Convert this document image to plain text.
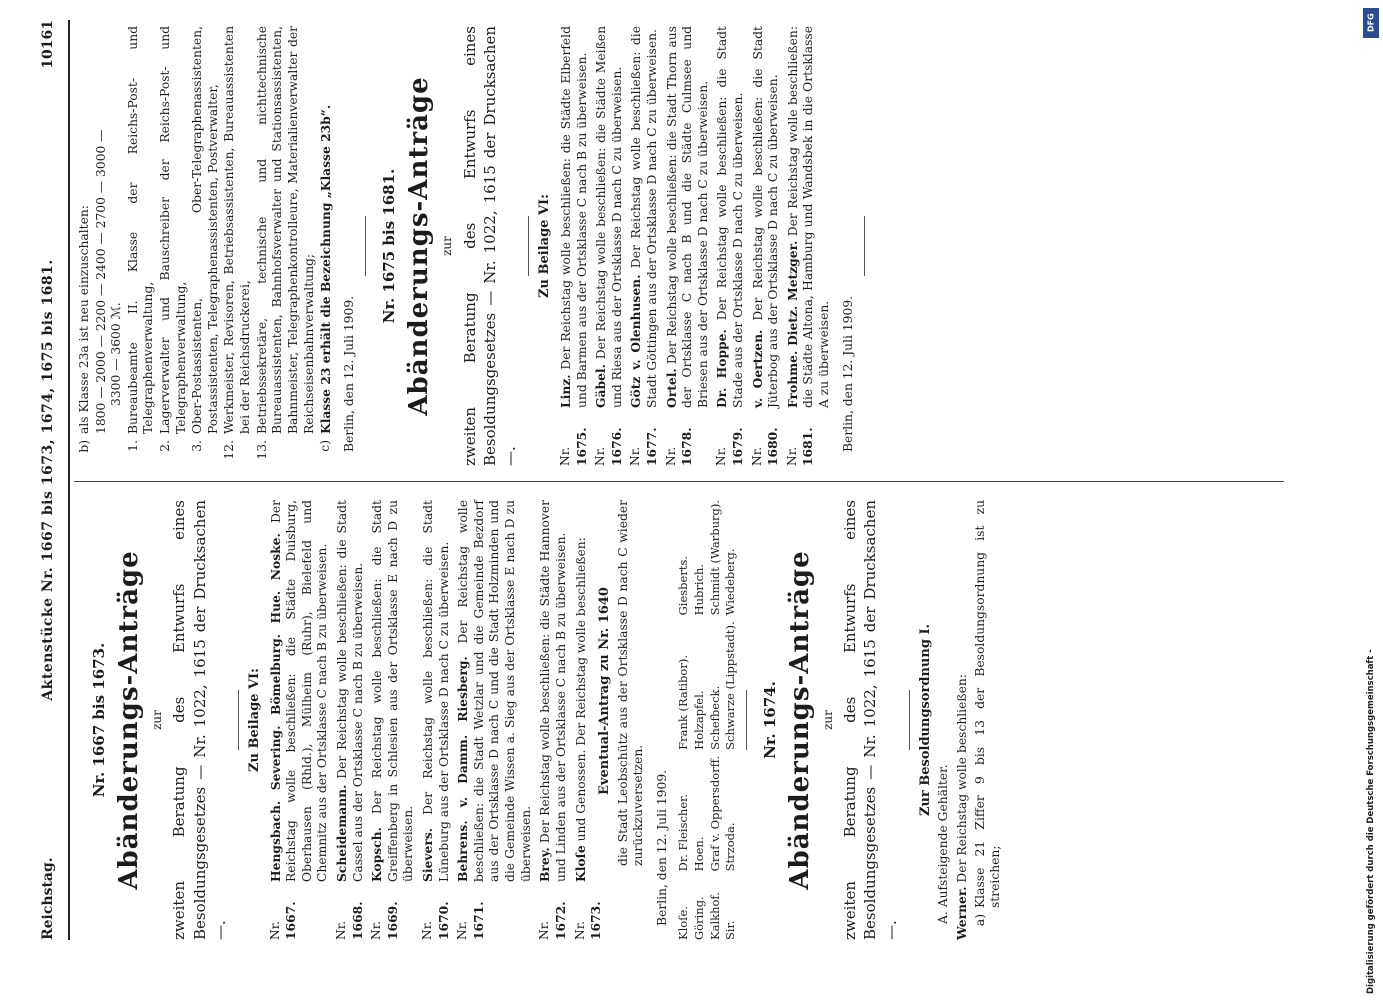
Reichstag.
Aktenstücke Nr. 1667 bis 1673, 1674, 1675 bis 1681.
10161
Nr. 1667 bis 1673. Abänderungs-Anträge zur zweiten Beratung des Entwurfs eines Besoldungsgesetzes — Nr. 1022, 1615 der Drucksachen —.
Zu Beilage VI:
Nr. 1667.
Hengsbach. Severing. Bömelburg. Hue. Noske. Der Reichstag wolle beschließen: die Städte Duisburg, Oberhausen (Rhld.), Mülheim (Ruhr), Bielefeld und Chemnitz aus der Ortsklasse C nach B zu überweisen.
Nr. 1668.
Scheidemann. Der Reichstag wolle beschließen: die Stadt Cassel aus der Ortsklasse C nach B zu überweisen.
Nr. 1669.
Kopsch. Der Reichstag wolle beschließen: die Stadt Greiffenberg in Schlesien aus der Ortsklasse E nach D zu überweisen.
Nr. 1670.
Sievers. Der Reichstag wolle beschließen: die Stadt Lüneburg aus der Ortsklasse D nach C zu überweisen.
Nr. 1671.
Behrens. v. Damm. Riesberg. Der Reichstag wolle beschließen: die Stadt Wetzlar und die Gemeinde Bezdorf aus der Ortsklasse D nach C und die Stadt Holzminden und die Gemeinde Wissen a. Sieg aus der Ortsklasse E nach D zu überweisen.
Nr. 1672.
Brey. Der Reichstag wolle beschließen: die Städte Hannover und Linden aus der Ortsklasse C nach B zu überweisen.
Nr. 1673.
Kloſe und Genossen. Der Reichstag wolle beschließen: Eventual-Antrag zu Nr. 1640 die Stadt Leobschütz aus der Ortsklasse D nach C wieder zurückzuversetzen. Berlin, den 12. Juli 1909. Kloſe.
Dr. Fleischer.
Frank (Ratibor).
Giesberts.
Göring.
Hoen.
Holzapfel.
Hubrich.
Kalkhof.
Graf v. Oppersdorff.
Schefbeck.
Schmidt (Warburg).
Sir.
Strzoda.
Schwarze (Lippstadt).
Wiedeberg.
Nr. 1674. Abänderungs-Anträge zur zweiten Beratung des Entwurfs eines Besoldungsgesetzes — Nr. 1022, 1615 der Drucksachen —.
Zur Besoldungsordnung I.
A. Aufsteigende Gehälter. Werner. Der Reichstag wolle beschließen:
a)
Klasse 21 Ziffer 9 bis 13 der Besoldungsordnung ist zu streichen;
b)
als Klasse 23a ist neu einzuschalten: 1800 — 2000 — 2200 — 2400 — 2700 — 3000 — 3300 — 3600 ℳ.
1.
Bureaubeamte II. Klasse der Reichs-Post- und Telegraphenverwaltung,
2.
Lagerverwalter und Bauschreiber der Reichs-Post- und Telegraphenverwaltung,
3.
Ober-Postassistenten, Ober-Telegraphenassistenten, Postassistenten, Telegraphenassistenten, Postverwalter,
12.
Werkmeister, Revisoren, Betriebsassistenten, Bureauassistenten bei der Reichsdruckerei,
13.
Betriebssekretäre, technische und nichttechnische Bureauassistenten, Bahnhofsverwalter und Stationsassistenten, Bahnmeister, Telegraphenkontrolleure, Materialienverwalter der Reichseisenbahnverwaltung;
c)
Klasse 23 erhält die Bezeichnung „Klasse 23b“. Berlin, den 12. Juli 1909.
Nr. 1675 bis 1681. Abänderungs-Anträge zur zweiten Beratung des Entwurfs eines Besoldungsgesetzes — Nr. 1022, 1615 der Drucksachen —.
Zu Beilage VI:
Nr. 1675.
Linz. Der Reichstag wolle beschließen: die Städte Elberfeld und Barmen aus der Ortsklasse C nach B zu überweisen.
Nr. 1676.
Gäbel. Der Reichstag wolle beschließen: die Städte Meißen und Riesa aus der Ortsklasse D nach C zu überweisen.
Nr. 1677.
Götz v. Olenhusen. Der Reichstag wolle beschließen: die Stadt Göttingen aus der Ortsklasse D nach C zu überweisen.
Nr. 1678.
Ortel. Der Reichstag wolle beschließen: die Stadt Thorn aus der Ortsklasse C nach B und die Städte Culmsee und Briesen aus der Ortsklasse D nach C zu überweisen.
Nr. 1679.
Dr. Hoppe. Der Reichstag wolle beschließen: die Stadt Stade aus der Ortsklasse D nach C zu überweisen.
Nr. 1680.
v. Oertzen. Der Reichstag wolle beschließen: die Stadt Jüterbog aus der Ortsklasse D nach C zu überweisen.
Nr. 1681.
Frohme. Dietz. Metzger. Der Reichstag wolle beschließen: die Städte Altona, Hamburg und Wandsbek in die Ortsklasse A zu überweisen. Berlin, den 12. Juli 1909.
DFG
Digitalisierung gefördert durch die Deutsche Forschungsgemeinschaft -
